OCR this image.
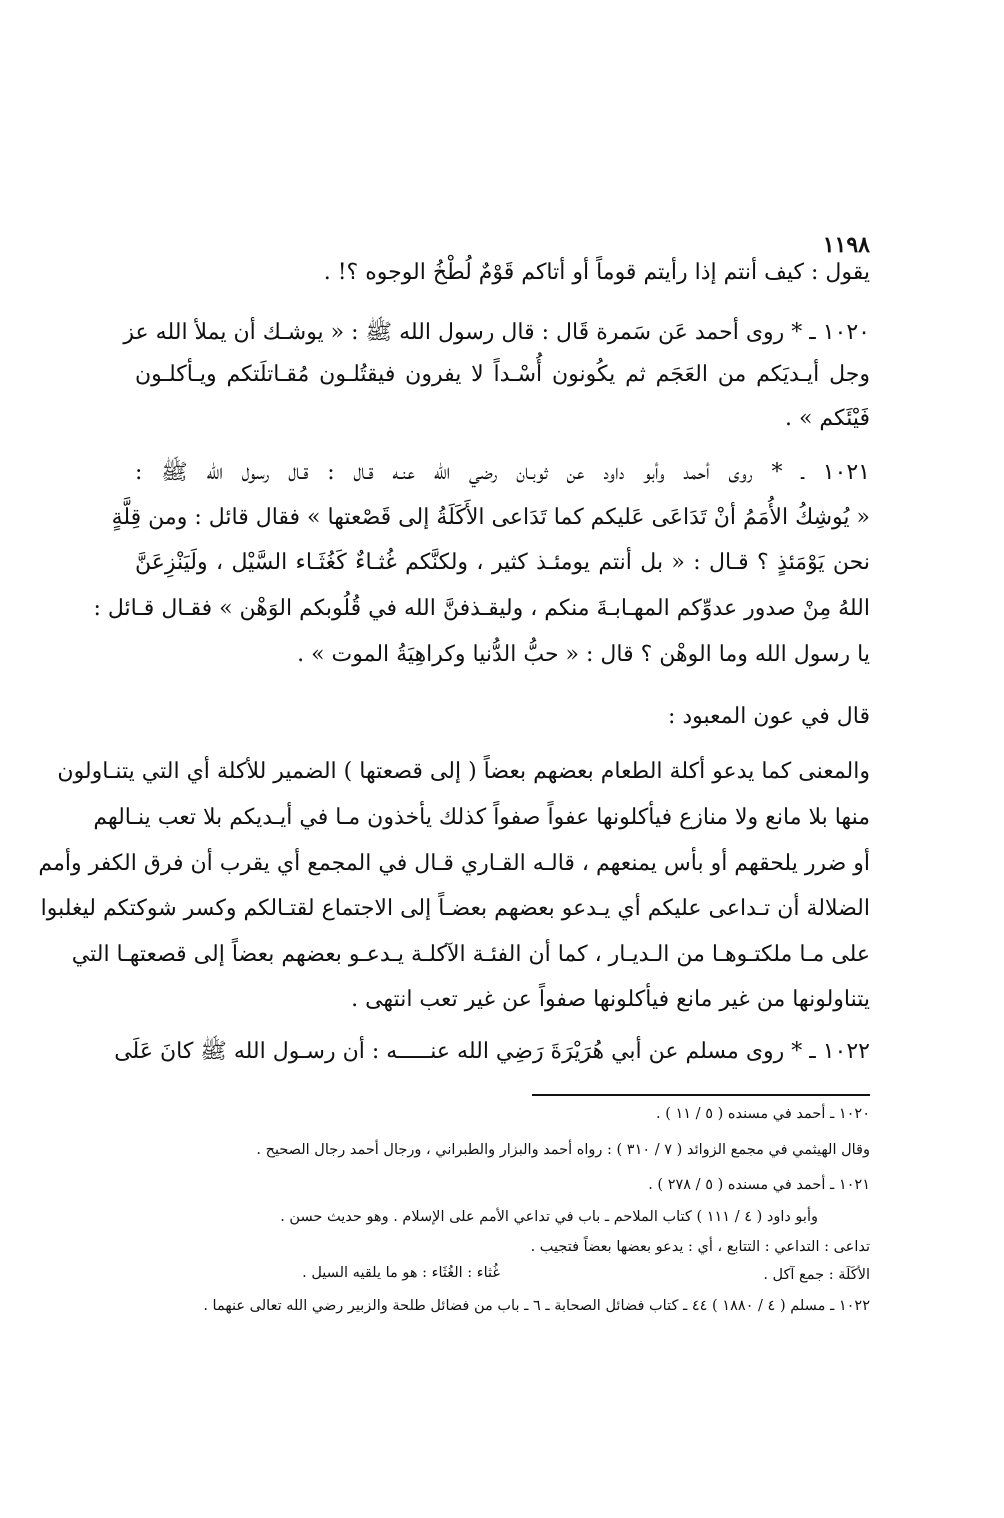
١١٩٨
يقول : كيف أنتم إذا رأيتم قوماً أو أتاكم قَوْمٌ لُطْخُ الوجوه ؟! .
١٠٢٠ ـ * روى أحمد عَن سَمرة قَال : قال رسول الله ﷺ : « يوشـك أن يملأ الله عز
وجل أيـديَكم من العَجَم ثم يكُونون أُسْـداً لا يفرون فيقتُلـون مُقـاتلَتكم ويـأكلـون
فَيْئَكم » .
١٠٢١ ـ * روى أحمد وأبو داود عن ثوبـان رضي الله عنـه قـال : قـال رسول الله ﷺ :
« يُوشِكُ الأُمَمُ أنْ تَدَاعَى عَليكم كما تَدَاعى الأَكَلَةُ إلى قَصْعتها » فقال قائل : ومن قِلَّةٍ
نحن يَوْمَئذٍ ؟ قـال : « بل أنتم يومئـذ كثير ، ولكنَّكم غُثـاءٌ كَغُثَـاء السَّيْل ، ولَيَنْزِعَنَّ
اللهُ مِنْ صدور عدوِّكم المهـابـةَ منكم ، وليقـذفنَّ الله في قُلُوبكم الوَهْن » فقـال قـائل :
يا رسول الله وما الوهْن ؟ قال : « حبُّ الدُّنيا وكراهِيَةُ الموت » .
قال في عون المعبود :
والمعنى كما يدعو أكلة الطعام بعضهم بعضاً ( إلى قصعتها ) الضمير للأكلة أي التي يتنـاولون
منها بلا مانع ولا منازع فيأكلونها عفواً صفواً كذلك يأخذون مـا في أيـديكم بلا تعب ينـالهم
أو ضرر يلحقهم أو بأس يمنعهم ، قالـه القـاري قـال في المجمع أي يقرب أن فرق الكفر وأمم
الضلالة أن تـداعى عليكم أي يـدعو بعضهم بعضـاً إلى الاجتماع لقتـالكم وكسر شوكتكم ليغلبوا
على مـا ملكتـوهـا من الـديـار ، كما أن الفئـة الآكلـة يـدعـو بعضهم بعضاً إلى قصعتهـا التي
يتناولونها من غير مانع فيأكلونها صفواً عن غير تعب انتهى .
١٠٢٢ ـ * روى مسلم عن أبي هُرَيْرَةَ رَضِي الله عنـــــه : أن رسـول الله ﷺ كانَ عَلَى
١٠٢٠ ـ أحمد في مسنده ( ٥ / ١١ ) .
وقال الهيثمي في مجمع الزوائد ( ٧ / ٣١٠ ) : رواه أحمد والبزار والطبراني ، ورجال أحمد رجال الصحيح .
١٠٢١ ـ أحمد في مسنده ( ٥ / ٢٧٨ ) .
وأبو داود ( ٤ / ١١١ ) كتاب الملاحم ـ باب في تداعي الأمم على الإسلام . وهو حديث حسن .
تداعى : التداعي : التتابع ، أي : يدعو بعضها بعضاً فتجيب .
الأكَلَة : جمع آكل .
غُثاء : الغُثَاء : هو ما يلقيه السيل .
١٠٢٢ ـ مسلم ( ٤ / ١٨٨٠ ) ٤٤ ـ كتاب فضائل الصحابة ـ ٦ ـ باب من فضائل طلحة والزبير رضي الله تعالى عنهما .
